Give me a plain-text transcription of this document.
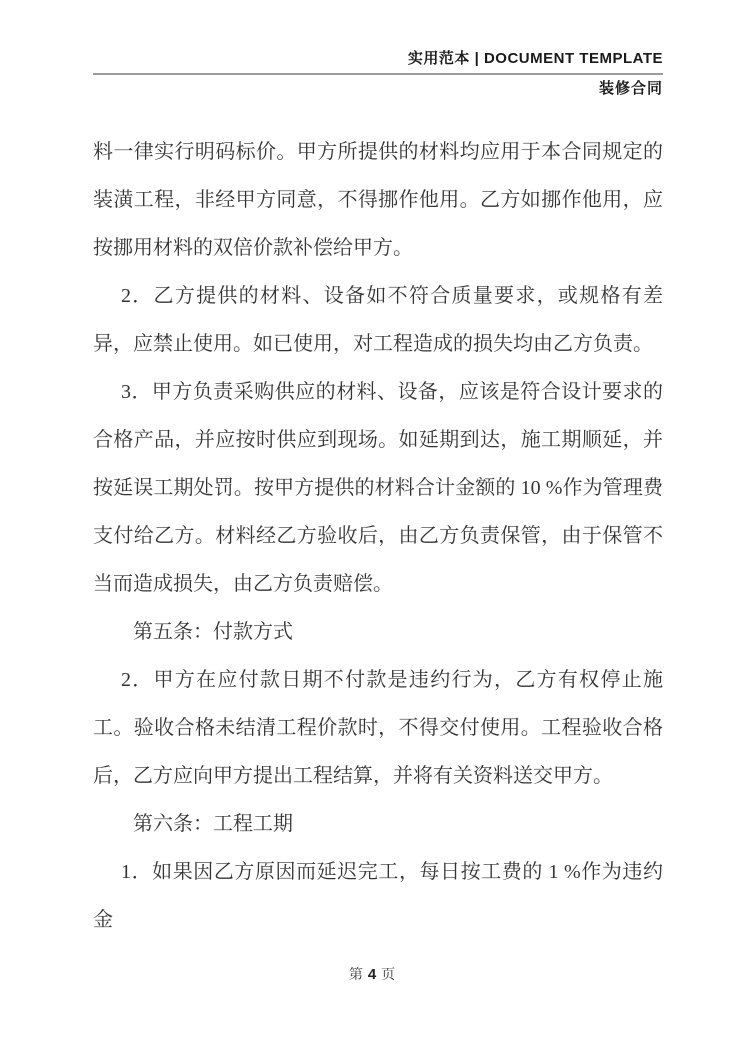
实用范本 | DOCUMENT TEMPLATE
装修合同

料一律实行明码标价。甲方所提供的材料均应用于本合同规定的装潢工程，非经甲方同意，不得挪作他用。乙方如挪作他用，应按挪用材料的双倍价款补偿给甲方。

2．乙方提供的材料、设备如不符合质量要求，或规格有差异，应禁止使用。如已使用，对工程造成的损失均由乙方负责。

3．甲方负责采购供应的材料、设备，应该是符合设计要求的合格产品，并应按时供应到现场。如延期到达，施工期顺延，并按延误工期处罚。按甲方提供的材料合计金额的 10 %作为管理费支付给乙方。材料经乙方验收后，由乙方负责保管，由于保管不当而造成损失，由乙方负责赔偿。

第五条：付款方式

2．甲方在应付款日期不付款是违约行为，乙方有权停止施工。验收合格未结清工程价款时，不得交付使用。工程验收合格后，乙方应向甲方提出工程结算，并将有关资料送交甲方。

第六条：工程工期

1．如果因乙方原因而延迟完工，每日按工费的 1 %作为违约金

第 4 页
